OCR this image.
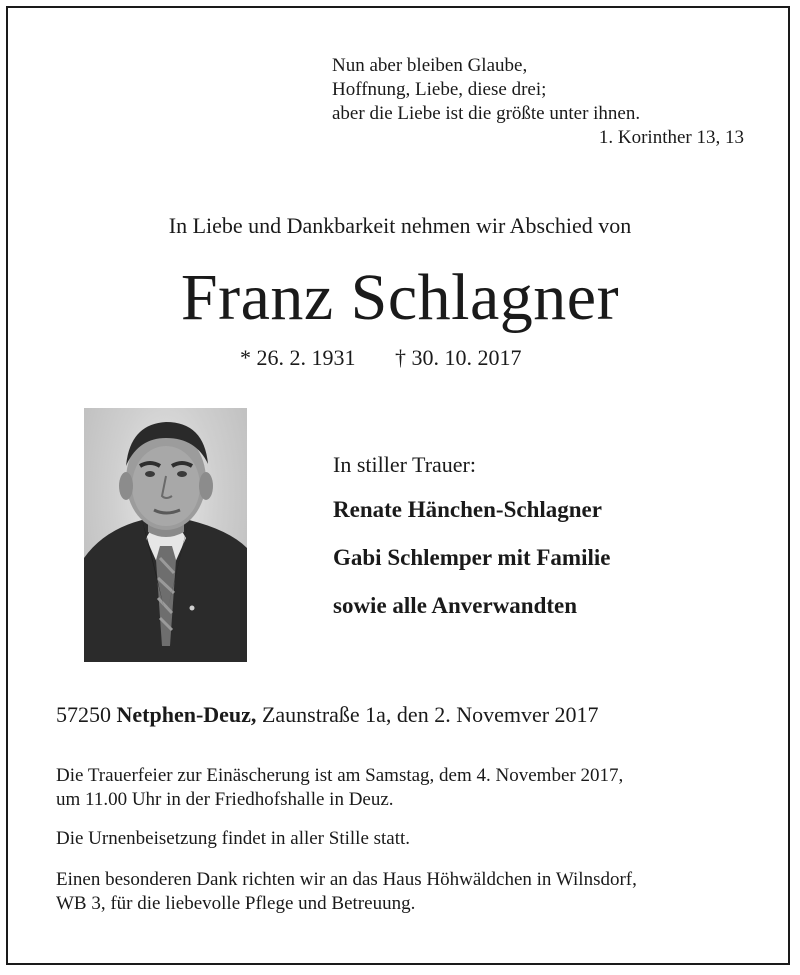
Nun aber bleiben Glaube,
Hoffnung, Liebe, diese drei;
aber die Liebe ist die größte unter ihnen.
1. Korinther 13, 13
In Liebe und Dankbarkeit nehmen wir Abschied von
Franz Schlagner
* 26. 2. 1931 † 30. 10. 2017
In stiller Trauer:
Renate Hänchen-Schlagner
Gabi Schlemper mit Familie
sowie alle Anverwandten
57250 Netphen-Deuz, Zaunstraße 1a, den 2. Novemver 2017
Die Trauerfeier zur Einäscherung ist am Samstag, dem 4. November 2017,
um 11.00 Uhr in der Friedhofshalle in Deuz.
Die Urnenbeisetzung findet in aller Stille statt.
Einen besonderen Dank richten wir an das Haus Höhwäldchen in Wilnsdorf,
WB 3, für die liebevolle Pflege und Betreuung.
